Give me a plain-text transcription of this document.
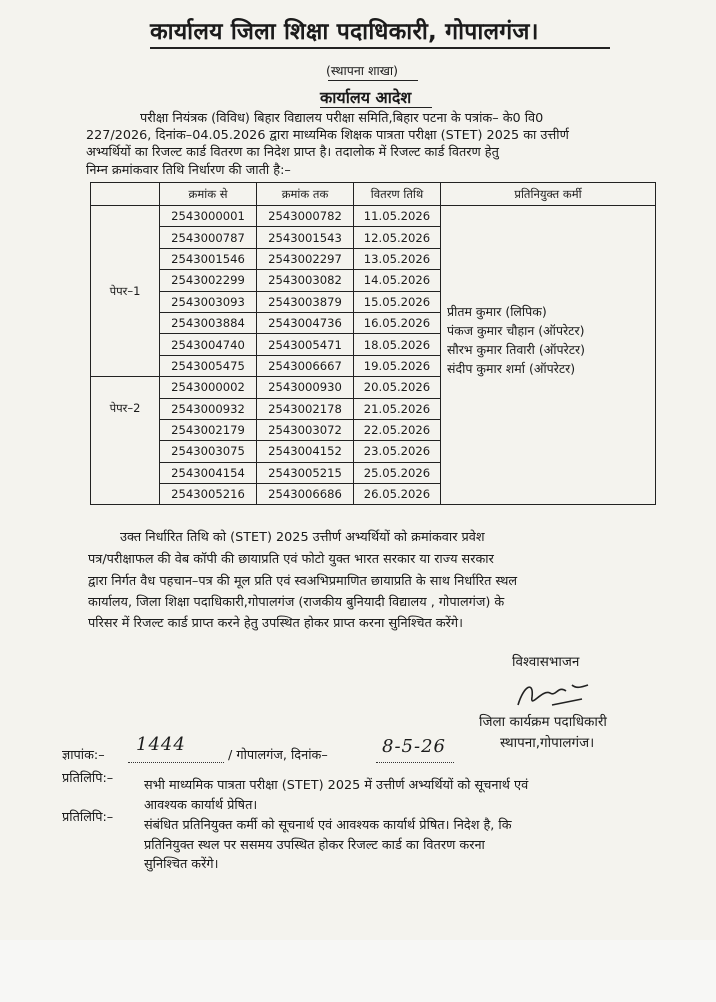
कार्यालय जिला शिक्षा पदाधिकारी, गोपालगंज।
(स्थापना शाखा)
कार्यालय आदेश
परीक्षा नियंत्रक (विविध) बिहार विद्यालय परीक्षा समिति,बिहार पटना के पत्रांक– के0 वि0
227/2026, दिनांक–04.05.2026 द्वारा माध्यमिक शिक्षक पात्रता परीक्षा (STET) 2025 का उत्तीर्ण
अभ्यर्थियों का रिजल्ट कार्ड वितरण का निदेश प्राप्त है। तदालोक में रिजल्ट कार्ड वितरण हेतु
निम्न क्रमांकवार तिथि निर्धारण की जाती है:–
	क्रमांक से	क्रमांक तक	वितरण तिथि	प्रतिनियुक्त कर्मी
पेपर–1	2543000001	2543000782	11.05.2026	प्रीतम कुमार (लिपिक)
पंकज कुमार चौहान (ऑपरेटर)
सौरभ कुमार तिवारी (ऑपरेटर)
संदीप कुमार शर्मा (ऑपरेटर)

	2543000787	2543001543	12.05.2026	
	2543001546	2543002297	13.05.2026	
	2543002299	2543003082	14.05.2026	
	2543003093	2543003879	15.05.2026	
	2543003884	2543004736	16.05.2026	
	2543004740	2543005471	18.05.2026	
	2543005475	2543006667	19.05.2026	

पेपर–2	2543000002	2543000930	20.05.2026	
	2543000932	2543002178	21.05.2026	
	2543002179	2543003072	22.05.2026	
	2543003075	2543004152	23.05.2026	
	2543004154	2543005215	25.05.2026	
	2543005216	2543006686	26.05.2026	
उक्त निर्धारित तिथि को (STET) 2025 उत्तीर्ण अभ्यर्थियों को क्रमांकवार प्रवेश
पत्र/परीक्षाफल की वेब कॉपी की छायाप्रति एवं फोटो युक्त भारत सरकार या राज्य सरकार
द्वारा निर्गत वैध पहचान–पत्र की मूल प्रति एवं स्वअभिप्रमाणित छायाप्रति के साथ निर्धारित स्थल
कार्यालय, जिला शिक्षा पदाधिकारी,गोपालगंज (राजकीय बुनियादी विद्यालय , गोपालगंज) के
परिसर में रिजल्ट कार्ड प्राप्त करने हेतु उपस्थित होकर प्राप्त करना सुनिश्चित करेंगे।
विश्वासभाजन
जिला कार्यक्रम पदाधिकारी
स्थापना,गोपालगंज।
ज्ञापांक:–
1444
/ गोपालगंज, दिनांक–	8-5-26
प्रतिलिपि:– सभी माध्यमिक पात्रता परीक्षा (STET) 2025 में उत्तीर्ण अभ्यर्थियों को सूचनार्थ एवं
आवश्यक कार्यार्थ प्रेषित।
प्रतिलिपि:–
संबंधित प्रतिनियुक्त कर्मी को सूचनार्थ एवं आवश्यक कार्यार्थ प्रेषित। निदेश है, कि
प्रतिनियुक्त स्थल पर ससमय उपस्थित होकर रिजल्ट कार्ड का वितरण करना
सुनिश्चित करेंगे।
